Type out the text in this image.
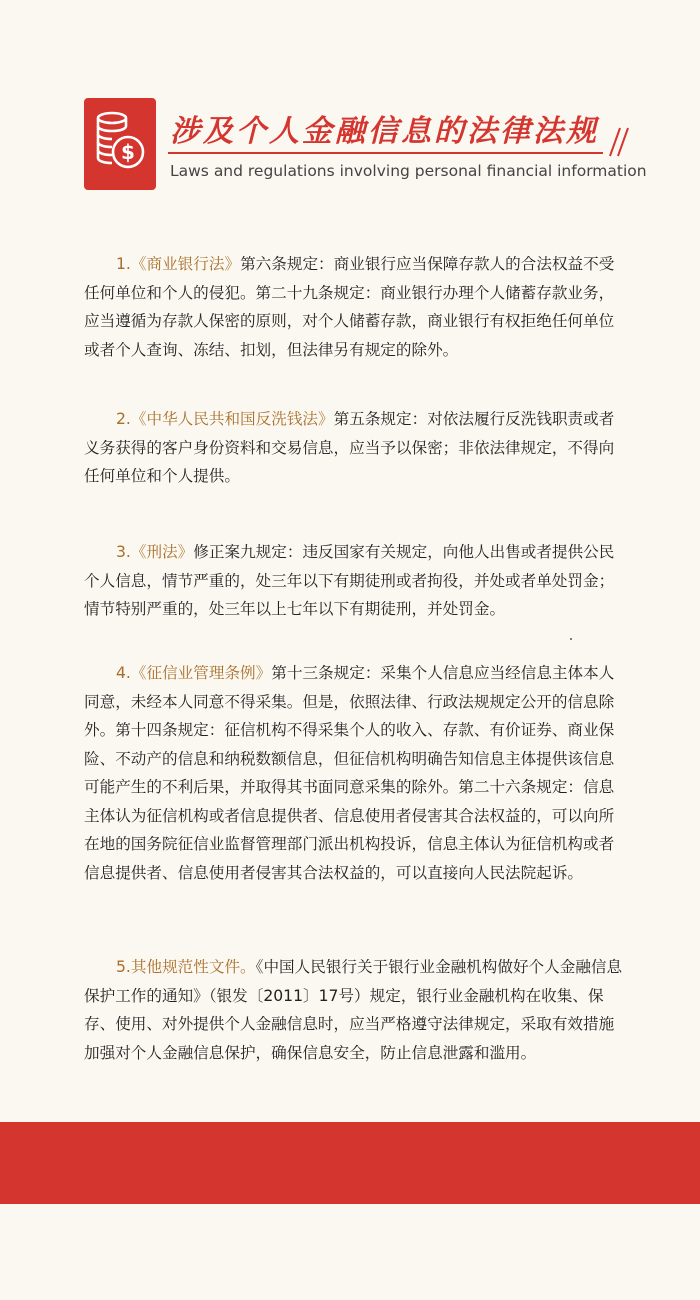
$
涉及个人金融信息的法律法规
Laws and regulations involving personal financial information

1.《商业银行法》第六条规定：商业银行应当保障存款人的合法权益不受任何单位和个人的侵犯。第二十九条规定：商业银行办理个人储蓄存款业务，应当遵循为存款人保密的原则，对个人储蓄存款，商业银行有权拒绝任何单位或者个人查询、冻结、扣划，但法律另有规定的除外。

2.《中华人民共和国反洗钱法》第五条规定：对依法履行反洗钱职责或者义务获得的客户身份资料和交易信息，应当予以保密；非依法律规定，不得向任何单位和个人提供。

3.《刑法》修正案九规定：违反国家有关规定，向他人出售或者提供公民个人信息，情节严重的，处三年以下有期徒刑或者拘役，并处或者单处罚金；情节特别严重的，处三年以上七年以下有期徒刑，并处罚金。

4.《征信业管理条例》第十三条规定：采集个人信息应当经信息主体本人同意，未经本人同意不得采集。但是，依照法律、行政法规规定公开的信息除外。第十四条规定：征信机构不得采集个人的收入、存款、有价证券、商业保险、不动产的信息和纳税数额信息，但征信机构明确告知信息主体提供该信息可能产生的不利后果，并取得其书面同意采集的除外。第二十六条规定：信息主体认为征信机构或者信息提供者、信息使用者侵害其合法权益的，可以向所在地的国务院征信业监督管理部门派出机构投诉，信息主体认为征信机构或者信息提供者、信息使用者侵害其合法权益的，可以直接向人民法院起诉。

5.其他规范性文件。《中国人民银行关于银行业金融机构做好个人金融信息保护工作的通知》（银发〔2011〕17号）规定，银行业金融机构在收集、保存、使用、对外提供个人金融信息时，应当严格遵守法律规定，采取有效措施加强对个人金融信息保护，确保信息安全，防止信息泄露和滥用。
